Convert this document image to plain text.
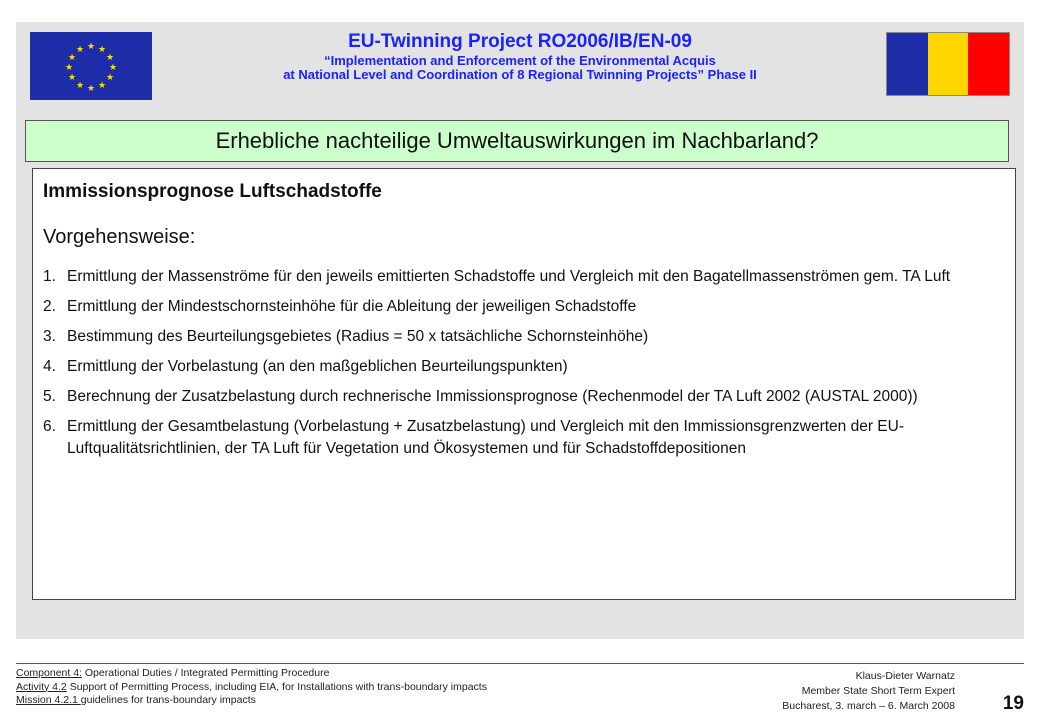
★ ★
★
★
★
★
★
★
★
★
★
★	EU-Twinning Project RO2006/IB/EN-09
“Implementation and Enforcement of the Environmental Acquis
at National Level and Coordination of 8 Regional Twinning Projects” Phase II
Erhebliche nachteilige Umweltauswirkungen im Nachbarland?
Immissionsprognose Luftschadstoffe
Vorgehensweise:
1. Ermittlung der Massenströme für den jeweils emittierten Schadstoffe und Vergleich mit den Bagatellmassenströmen gem. TA Luft
2. Ermittlung der Mindestschornsteinhöhe für die Ableitung der jeweiligen Schadstoffe
3. Bestimmung des Beurteilungsgebietes (Radius = 50 x tatsächliche Schornsteinhöhe)
4. Ermittlung der Vorbelastung (an den maßgeblichen Beurteilungspunkten)
5. Berechnung der Zusatzbelastung durch rechnerische Immissionsprognose (Rechenmodel der TA Luft 2002 (AUSTAL 2000))
6. Ermittlung der Gesamtbelastung (Vorbelastung + Zusatzbelastung) und Vergleich mit den Immissionsgrenzwerten der EU-Luftqualitätsrichtlinien, der TA Luft für Vegetation und Ökosystemen und für Schadstoffdepositionen
Component 4: Operational Duties / Integrated Permitting Procedure
Activity 4.2 Support of Permitting Process, including EIA, for Installations with trans-boundary impacts
Mission 4.2.1 guidelines for trans-boundary impacts
Klaus-Dieter Warnatz
Member State Short Term Expert
Bucharest, 3. march – 6. March 2008	19
